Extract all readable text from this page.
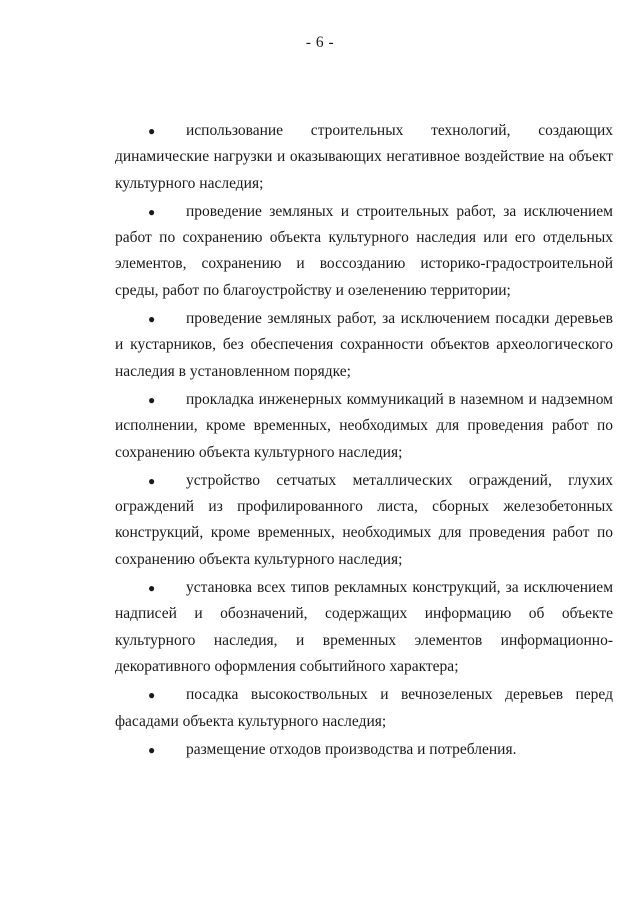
- 6 -

● использование строительных технологий, создающих динамические нагрузки и оказывающих негативное воздействие на объект культурного наследия;

● проведение земляных и строительных работ, за исключением работ по сохранению объекта культурного наследия или его отдельных элементов, сохранению и воссозданию историко-градостроительной среды, работ по благоустройству и озеленению территории;

● проведение земляных работ, за исключением посадки деревьев и кустарников, без обеспечения сохранности объектов археологического наследия в установленном порядке;

● прокладка инженерных коммуникаций в наземном и надземном исполнении, кроме временных, необходимых для проведения работ по сохранению объекта культурного наследия;

● устройство сетчатых металлических ограждений, глухих ограждений из профилированного листа, сборных железобетонных конструкций, кроме временных, необходимых для проведения работ по сохранению объекта культурного наследия;

● установка всех типов рекламных конструкций, за исключением надписей и обозначений, содержащих информацию об объекте культурного наследия, и временных элементов информационно-декоративного оформления событийного характера;

● посадка высокоствольных и вечнозеленых деревьев перед фасадами объекта культурного наследия;

● размещение отходов производства и потребления.
